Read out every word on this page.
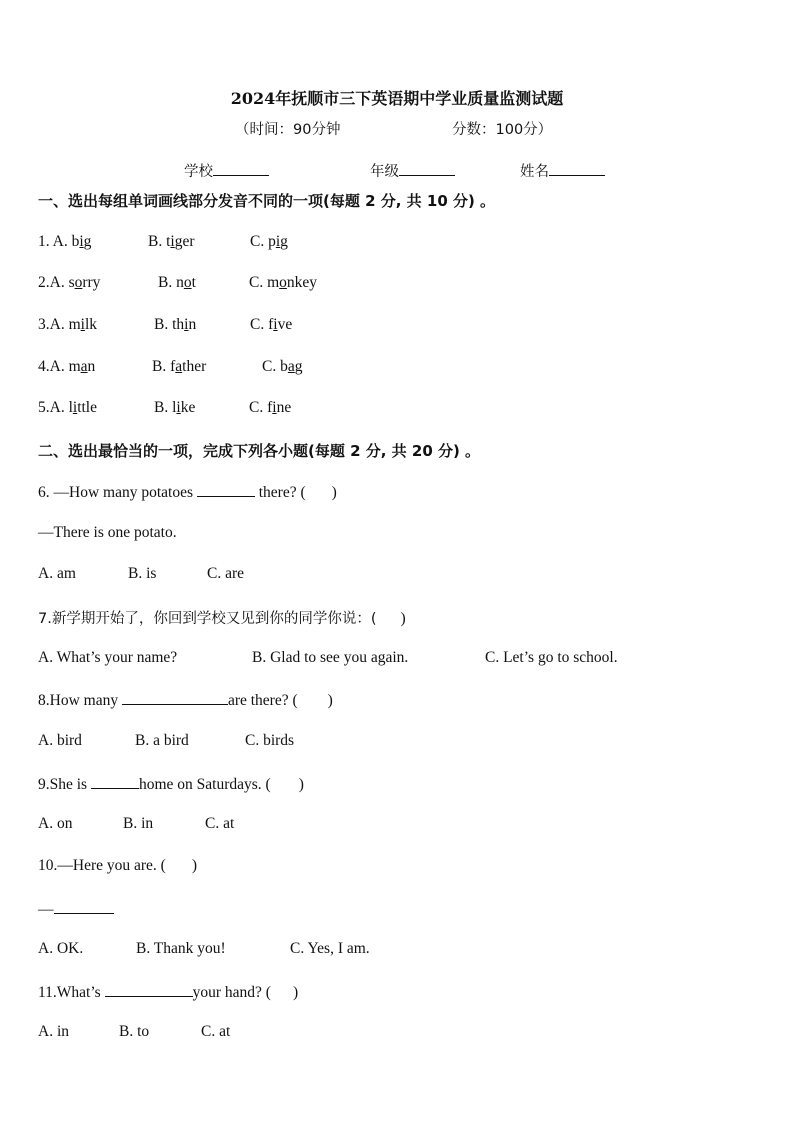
2024年抚顺市三下英语期中学业质量监测试题
（时间：90分钟	分数：100分）
学校	年级	姓名
一、选出每组单词画线部分发音不同的一项(每题 2 分, 共 10 分) 。
1. A. big	B. tiger	C. pig
2.A. sorry	B. not	C. monkey
3.A. milk	B. thin	C. five
4.A. man	B. father	C. bag
5.A. little	B. like	C. fine
二、选出最恰当的一项，完成下列各小题(每题 2 分, 共 20 分) 。
6. —How many potatoes	there? ( )
—There is one potato.
A. am	B. is	C. are
7.新学期开始了，你回到学校又见到你的同学你说：( )
A. What’s your name?	B. Glad to see you again.	C. Let’s go to school.
8.How many	are there? ( )
A. bird	B. a bird	C. birds
9.She is	home on Saturdays. ( )
A. on	B. in	C. at
10.—Here you are. ( )
—
A. OK.	B. Thank you!	C. Yes, I am.
11.What’s	your hand? ( )
A. in	B. to	C. at
